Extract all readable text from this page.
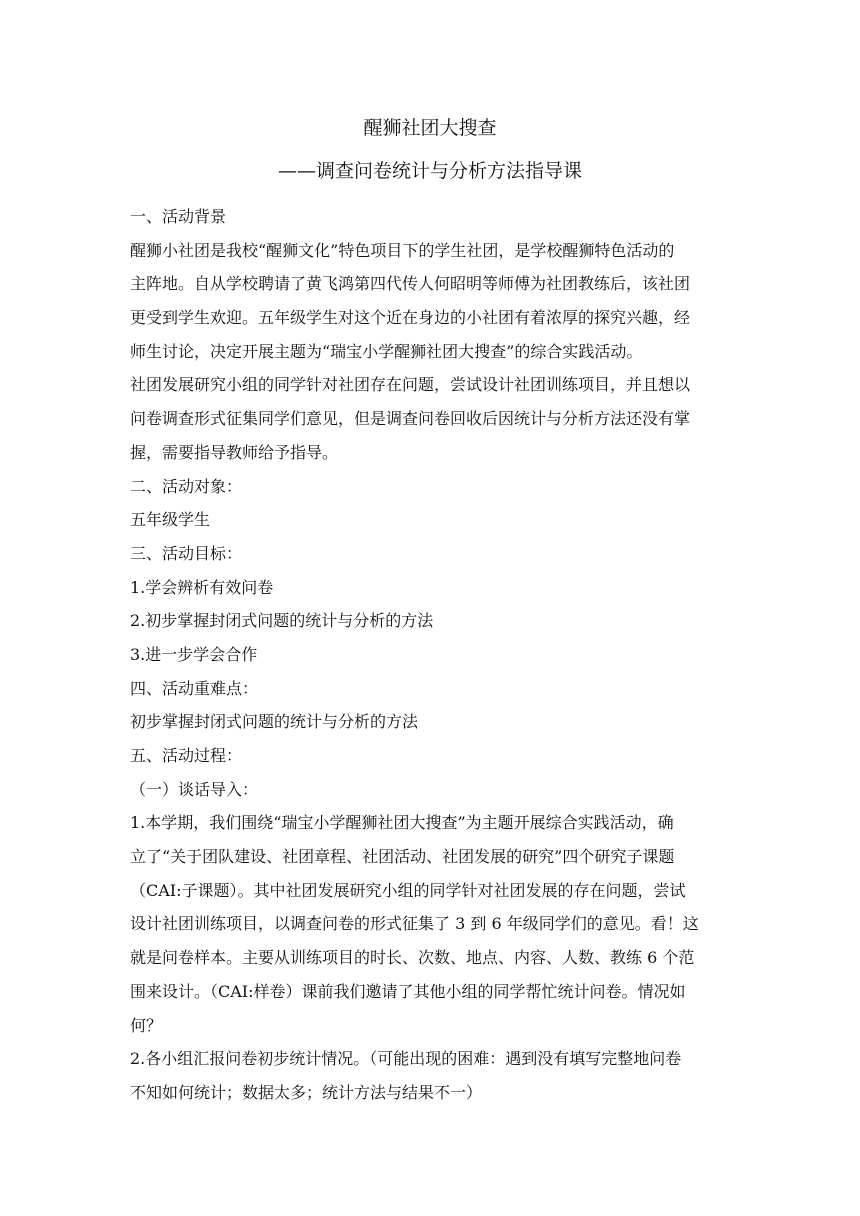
醒狮社团大搜查
——调查问卷统计与分析方法指导课
一、活动背景
醒狮小社团是我校“醒狮文化”特色项目下的学生社团，是学校醒狮特色活动的
主阵地。自从学校聘请了黄飞鸿第四代传人何昭明等师傅为社团教练后，该社团
更受到学生欢迎。五年级学生对这个近在身边的小社团有着浓厚的探究兴趣，经
师生讨论，决定开展主题为“瑞宝小学醒狮社团大搜查”的综合实践活动。
社团发展研究小组的同学针对社团存在问题，尝试设计社团训练项目，并且想以
问卷调查形式征集同学们意见，但是调查问卷回收后因统计与分析方法还没有掌
握，需要指导教师给予指导。
二、活动对象：
五年级学生
三、活动目标：
1.学会辨析有效问卷
2.初步掌握封闭式问题的统计与分析的方法
3.进一步学会合作
四、活动重难点：
初步掌握封闭式问题的统计与分析的方法
五、活动过程：
（一）谈话导入：
1.本学期，我们围绕“瑞宝小学醒狮社团大搜查”为主题开展综合实践活动，确
立了“关于团队建设、社团章程、社团活动、社团发展的研究”四个研究子课题
（CAI:子课题）。其中社团发展研究小组的同学针对社团发展的存在问题，尝试
设计社团训练项目，以调查问卷的形式征集了 3 到 6 年级同学们的意见。看！这
就是问卷样本。主要从训练项目的时长、次数、地点、内容、人数、教练 6 个范
围来设计。（CAI:样卷）课前我们邀请了其他小组的同学帮忙统计问卷。情况如
何？
2.各小组汇报问卷初步统计情况。（可能出现的困难：遇到没有填写完整地问卷
不知如何统计；数据太多；统计方法与结果不一）
